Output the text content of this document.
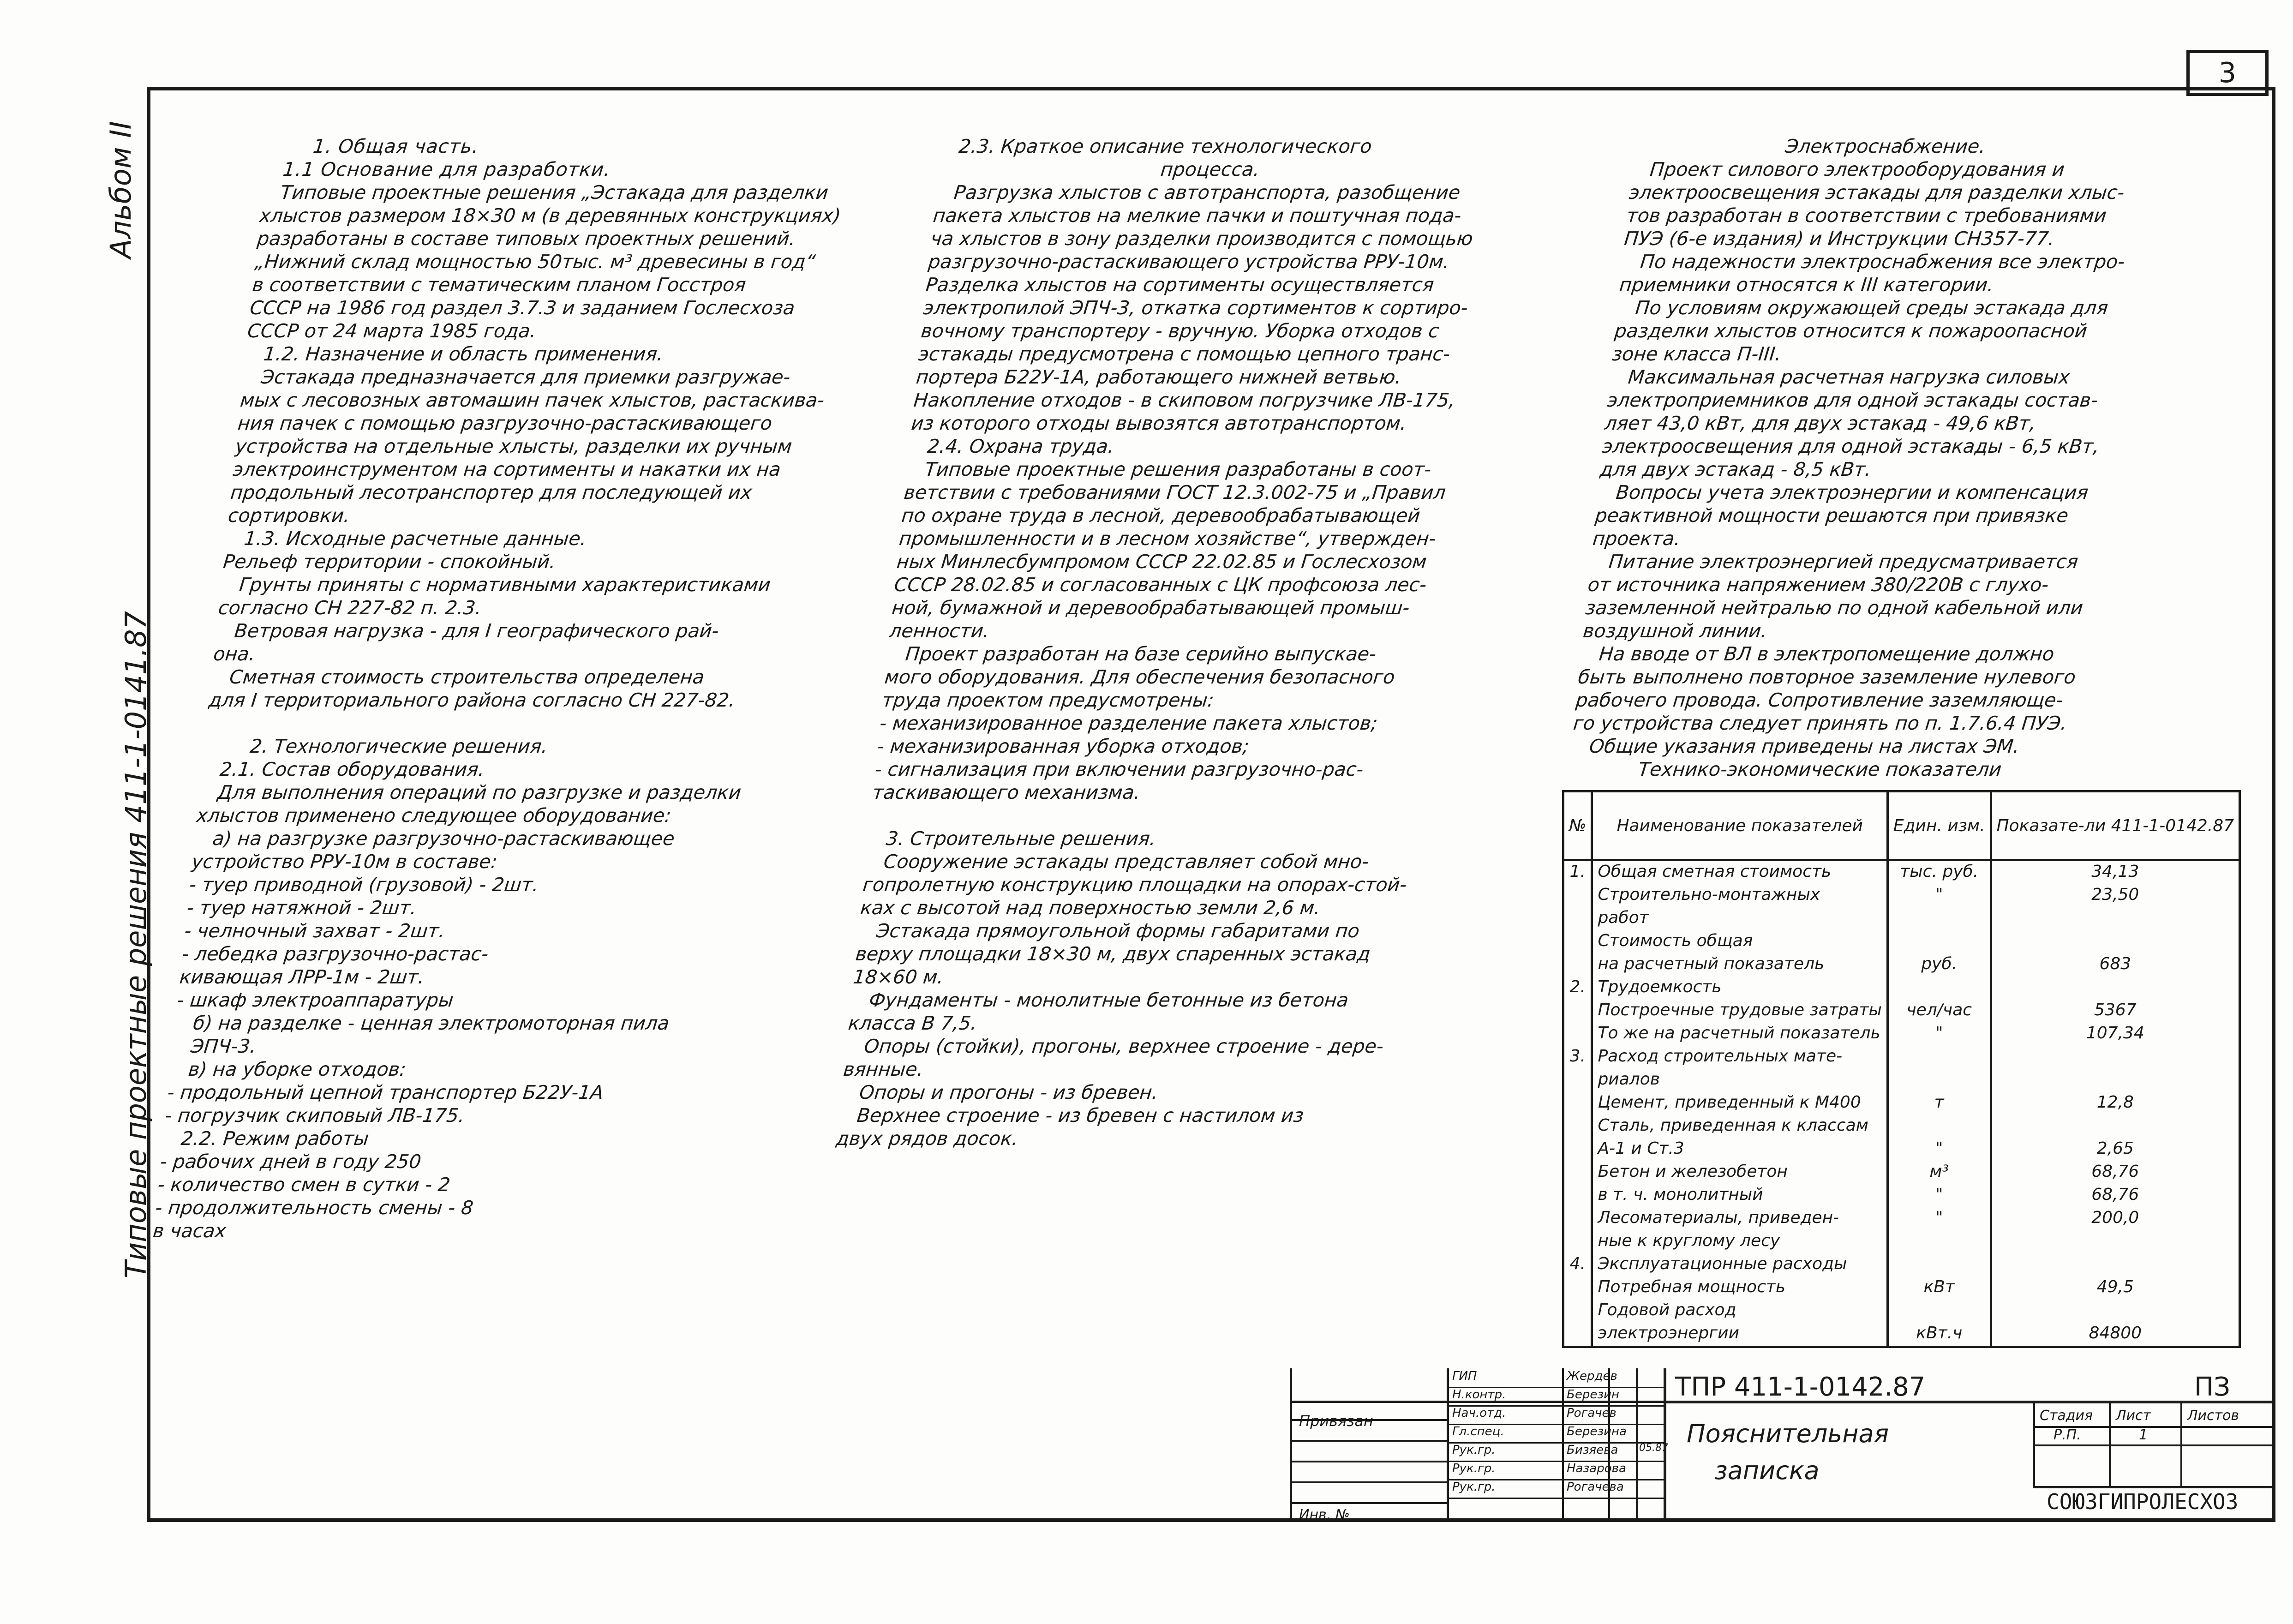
3
Альбом II
Типовые проектные решения 411-1-0141.87

1. Общая часть.

1.1 Основание для разработки.

Типовые проектные решения „Эстакада для разделки

хлыстов размером 18×30 м (в деревянных конструкциях)

разработаны в составе типовых проектных решений.

„Нижний склад мощностью 50тыс. м³ древесины в год“

в соответствии с тематическим планом Госстроя

СССР на 1986 год раздел 3.7.3 и заданием Гослесхоза

СССР от 24 марта 1985 года.

1.2. Назначение и область применения.

Эстакада предназначается для приемки разгружае-

мых с лесовозных автомашин пачек хлыстов, растаскива-

ния пачек с помощью разгрузочно-растаскивающего

устройства на отдельные хлысты, разделки их ручным

электроинструментом на сортименты и накатки их на

продольный лесотранспортер для последующей их

сортировки.

1.3. Исходные расчетные данные.

Рельеф территории - спокойный.

Грунты приняты с нормативными характеристиками

согласно СН 227-82 п. 2.3.

Ветровая нагрузка - для I географического рай-

она.

Сметная стоимость строительства определена

для I территориального района согласно СН 227-82.

2. Технологические решения.

2.1. Состав оборудования.

Для выполнения операций по разгрузке и разделки

хлыстов применено следующее оборудование:

а) на разгрузке разгрузочно-растаскивающее

устройство РРУ-10м в составе:

- туер приводной (грузовой) - 2шт.

- туер натяжной - 2шт.

- челночный захват - 2шт.

- лебедка разгрузочно-растас-

кивающая ЛРР-1м - 2шт.

- шкаф электроаппаратуры

б) на разделке - ценная электромоторная пила

ЭПЧ-3.

в) на уборке отходов:

- продольный цепной транспортер Б22У-1А

- погрузчик скиповый ЛВ-175.

2.2. Режим работы

- рабочих дней в году 250

- количество смен в сутки - 2

- продолжительность смены - 8

в часах

2.3. Краткое описание технологического

процесса.

Разгрузка хлыстов с автотранспорта, разобщение

пакета хлыстов на мелкие пачки и поштучная пода-

ча хлыстов в зону разделки производится с помощью

разгрузочно-растаскивающего устройства РРУ-10м.

Разделка хлыстов на сортименты осуществляется

электропилой ЭПЧ-3, откатка сортиментов к сортиро-

вочному транспортеру - вручную. Уборка отходов с

эстакады предусмотрена с помощью цепного транс-

портера Б22У-1А, работающего нижней ветвью.

Накопление отходов - в скиповом погрузчике ЛВ-175,

из которого отходы вывозятся автотранспортом.

2.4. Охрана труда.

Типовые проектные решения разработаны в соот-

ветствии с требованиями ГОСТ 12.3.002-75 и „Правил

по охране труда в лесной, деревообрабатывающей

промышленности и в лесном хозяйстве“, утвержден-

ных Минлесбумпромом СССР 22.02.85 и Гослесхозом

СССР 28.02.85 и согласованных с ЦК профсоюза лес-

ной, бумажной и деревообрабатывающей промыш-

ленности.

Проект разработан на базе серийно выпускае-

мого оборудования. Для обеспечения безопасного

труда проектом предусмотрены:

- механизированное разделение пакета хлыстов;

- механизированная уборка отходов;

- сигнализация при включении разгрузочно-рас-

таскивающего механизма.

3. Строительные решения.

Сооружение эстакады представляет собой мно-

гопролетную конструкцию площадки на опорах-стой-

ках с высотой над поверхностью земли 2,6 м.

Эстакада прямоугольной формы габаритами по

верху площадки 18×30 м, двух спаренных эстакад

18×60 м.

Фундаменты - монолитные бетонные из бетона

класса В 7,5.

Опоры (стойки), прогоны, верхнее строение - дере-

вянные.

Опоры и прогоны - из бревен.

Верхнее строение - из бревен с настилом из

двух рядов досок.

Электроснабжение.

Проект силового электрооборудования и

электроосвещения эстакады для разделки хлыс-

тов разработан в соответствии с требованиями

ПУЭ (6-е издания) и Инструкции СН357-77.

По надежности электроснабжения все электро-

приемники относятся к III категории.

По условиям окружающей среды эстакада для

разделки хлыстов относится к пожароопасной

зоне класса П-III.

Максимальная расчетная нагрузка силовых

электроприемников для одной эстакады состав-

ляет 43,0 кВт, для двух эстакад - 49,6 кВт,

электроосвещения для одной эстакады - 6,5 кВт,

для двух эстакад - 8,5 кВт.

Вопросы учета электроэнергии и компенсация

реактивной мощности решаются при привязке

проекта.

Питание электроэнергией предусматривается

от источника напряжением 380/220В с глухо-

заземленной нейтралью по одной кабельной или

воздушной линии.

На вводе от ВЛ в электропомещение должно

быть выполнено повторное заземление нулевого

рабочего провода. Сопротивление заземляюще-

го устройства следует принять по п. 1.7.6.4 ПУЭ.

Общие указания приведены на листах ЭМ.

Технико-экономические показатели

№	Наименование показателей	Един. изм.	Показате-ли 411-1-0142.87
1.	Общая сметная стоимость	тыс. руб.	34,13
	Строительно-монтажных	"	23,50
	работ		
	Стоимость общая		
	на расчетный показатель	руб.	683
2.	Трудоемкость		
	Построечные трудовые затраты	чел/час	5367
	То же на расчетный показатель	"	107,34
3.	Расход строительных мате-		
	риалов		
	Цемент, приведенный к М400	т	12,8
	Сталь, приведенная к классам		
	А-1 и Ст.3	"	2,65
	Бетон и железобетон	м³	68,76
	в т. ч. монолитный	"	68,76
	Лесоматериалы, приведен-	"	200,0
	ные к круглому лесу		
4.	Эксплуатационные расходы		
	Потребная мощность	кВт	49,5
	Годовой расход		
	электроэнергии	кВт.ч	84800
ГИП	Жердев
Н.контр.	Березин
Нач.отд.	Рогачев
Гл.спец.	Березина
Рук.гр.	Бизяева
Рук.гр.	Назарова
Рук.гр.	Рогачева
Привязан
Инв. №
ТПР 411-1-0142.87	ПЗ
Пояснительная
записка
Стадия Лист	Листов
Р.П.	1
СОЮЗГИПРОЛЕСХОЗ
05.87
